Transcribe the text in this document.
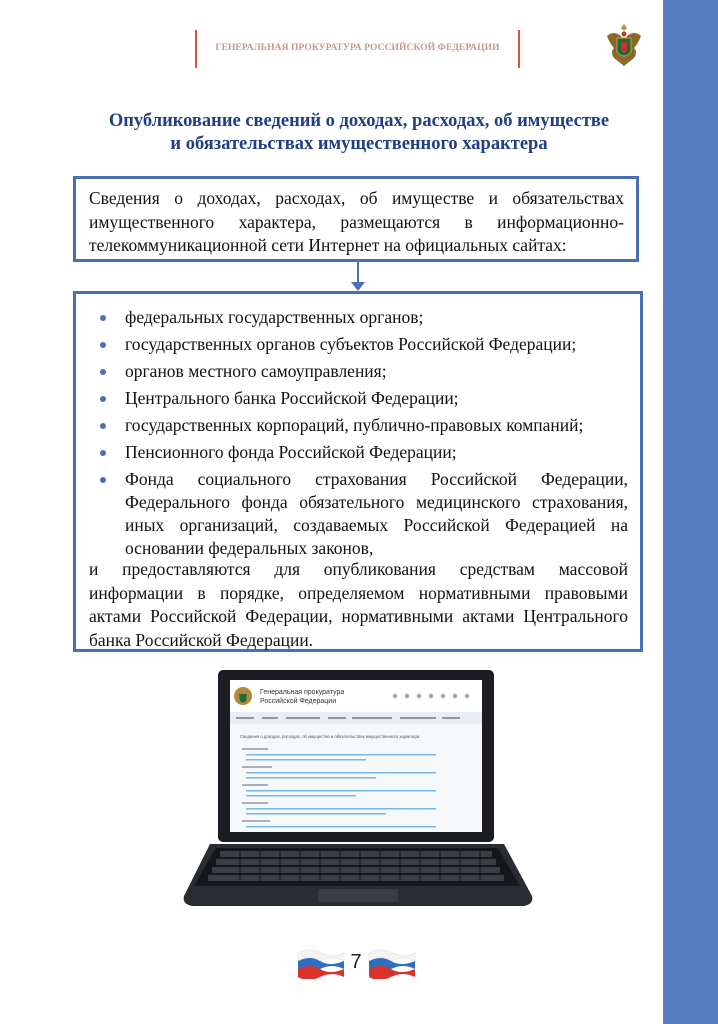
ГЕНЕРАЛЬНАЯ ПРОКУРАТУРА РОССИЙСКОЙ ФЕДЕРАЦИИ
Опубликование сведений о доходах, расходах, об имуществе
и обязательствах имущественного характера
Сведения о доходах, расходах, об имуществе и обязательствах
имущественного характера, размещаются в информационно-
телекоммуникационной сети Интернет на официальных сайтах:
федеральных государственных органов;
государственных органов субъектов Российской Федерации;
органов местного самоуправления;
Центрального банка Российской Федерации;
государственных корпораций, публично-правовых компаний;
Пенсионного фонда Российской Федерации;
Фонда социального страхования Российской Федерации, Федерального фонда обязательного медицинского страхования, иных организаций, создаваемых Российской Федерацией на основании федеральных законов,
и предоставляются для опубликования средствам массовой информации в порядке, определяемом нормативными правовыми актами Российской Федерации, нормативными актами Центрального банка Российской Федерации.
Генеральная прокуратура
Российской Федерации
Сведения о доходах, расходах, об имуществе и обязательствах имущественного характера
7
